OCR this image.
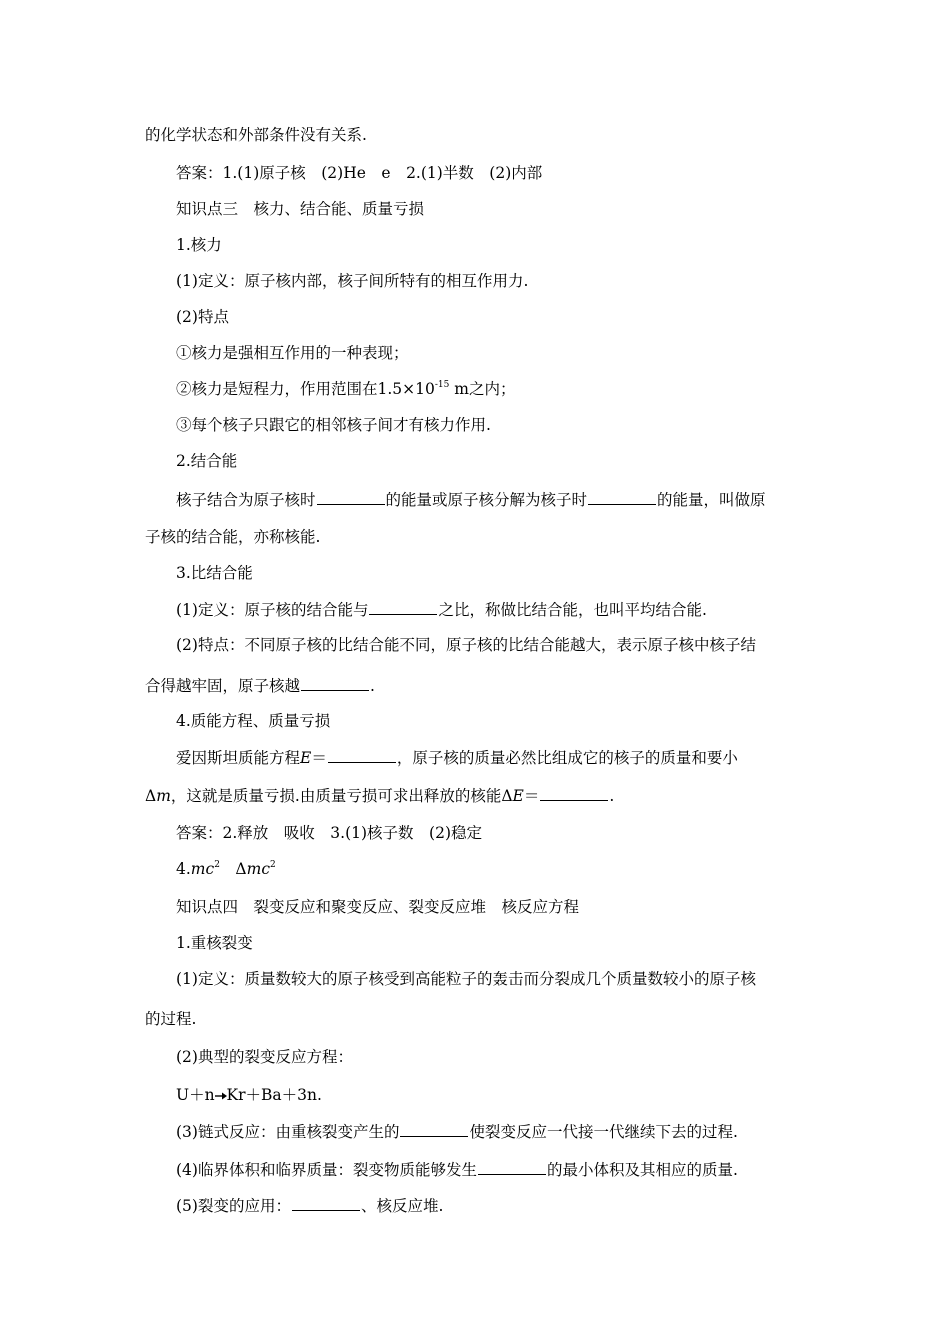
的化学状态和外部条件没有关系.
答案：1.(1)原子核　(2)He　e　2.(1)半数　(2)内部
知识点三　核力、结合能、质量亏损
1.核力
(1)定义：原子核内部，核子间所特有的相互作用力.
(2)特点
①核力是强相互作用的一种表现；
②核力是短程力，作用范围在$1.5\times 10^{-15}$ m之内；
③每个核子只跟它的相邻核子间才有核力作用.
2.结合能
核子结合为原子核时	的能量或原子核分解为核子时	的能量，叫做原
子核的结合能，亦称核能.
3.比结合能
(1)定义：原子核的结合能与	之比，称做比结合能，也叫平均结合能.
(2)特点：不同原子核的比结合能不同，原子核的比结合能越大，表示原子核中核子结
合得越牢固，原子核越	.
4.质能方程、质量亏损
爱因斯坦质能方程E＝	，原子核的质量必然比组成它的核子的质量和要小
Δm，这就是质量亏损.由质量亏损可求出释放的核能ΔE＝	.
答案：2.释放　吸收　3.(1)核子数　(2)稳定
$4.mc^2$　Δmc$^2$
知识点四　裂变反应和聚变反应、裂变反应堆　核反应方程
1.重核裂变
(1)定义：质量数较大的原子核受到高能粒子的轰击而分裂成几个质量数较小的原子核
的过程.
(2)典型的裂变反应方程：
U＋n→Kr＋Ba＋3n.
(3)链式反应：由重核裂变产生的	使裂变反应一代接一代继续下去的过程.
(4)临界体积和临界质量：裂变物质能够发生	的最小体积及其相应的质量.
(5)裂变的应用：	、核反应堆.
